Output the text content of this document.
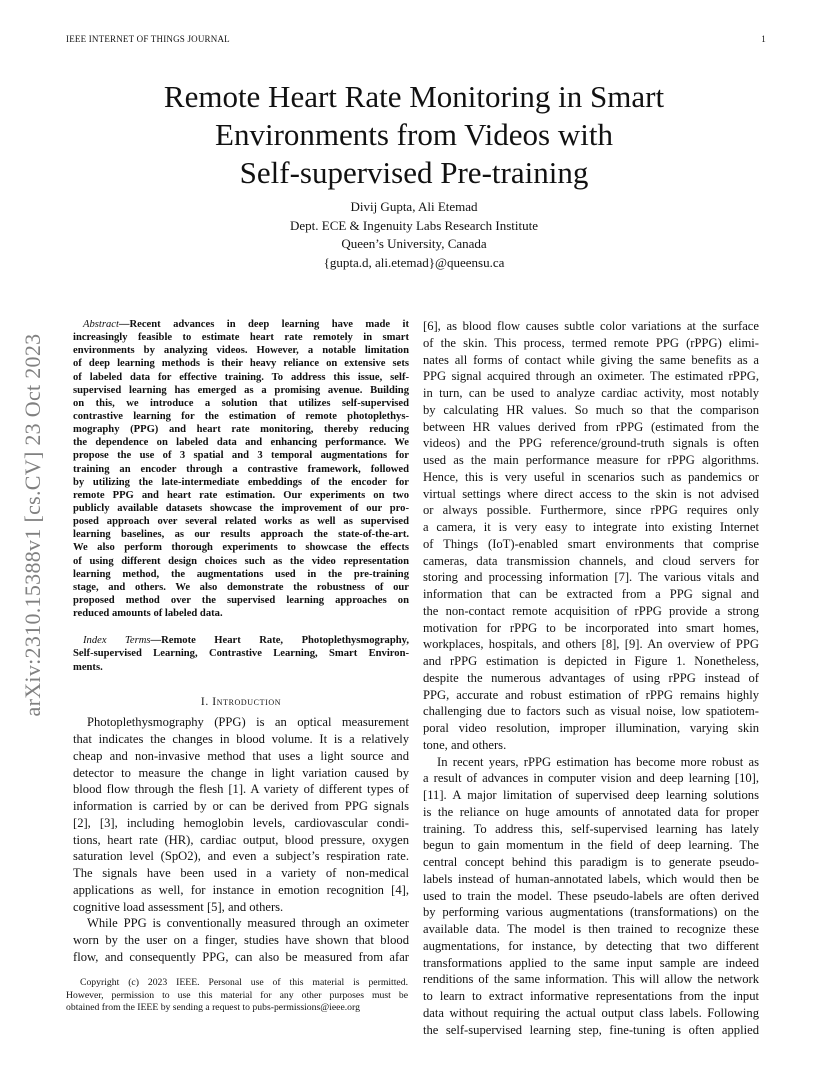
IEEE INTERNET OF THINGS JOURNAL	1
arXiv:2310.15388v1 [cs.CV] 23 Oct 2023
Remote Heart Rate Monitoring in Smart
Environments from Videos with
Self-supervised Pre-training
Divij Gupta, Ali Etemad
Dept. ECE & Ingenuity Labs Research Institute
Queen’s University, Canada
{gupta.d, ali.etemad}@queensu.ca
Abstract—Recent advances in deep learning have made it
increasingly feasible to estimate heart rate remotely in smart
environments by analyzing videos. However, a notable limitation
of deep learning methods is their heavy reliance on extensive sets
of labeled data for effective training. To address this issue, self-
supervised learning has emerged as a promising avenue. Building
on this, we introduce a solution that utilizes self-supervised
contrastive learning for the estimation of remote photoplethys-
mography (PPG) and heart rate monitoring, thereby reducing
the dependence on labeled data and enhancing performance. We
propose the use of 3 spatial and 3 temporal augmentations for
training an encoder through a contrastive framework, followed
by utilizing the late-intermediate embeddings of the encoder for
remote PPG and heart rate estimation. Our experiments on two
publicly available datasets showcase the improvement of our pro-
posed approach over several related works as well as supervised
learning baselines, as our results approach the state-of-the-art.
We also perform thorough experiments to showcase the effects
of using different design choices such as the video representation
learning method, the augmentations used in the pre-training
stage, and others. We also demonstrate the robustness of our
proposed method over the supervised learning approaches on
reduced amounts of labeled data.
Index Terms—Remote Heart Rate, Photoplethysmography,
Self-supervised Learning, Contrastive Learning, Smart Environ-
ments.
I. Introduction
Photoplethysmography (PPG) is an optical measurement
that indicates the changes in blood volume. It is a relatively
cheap and non-invasive method that uses a light source and
detector to measure the change in light variation caused by
blood flow through the flesh [1]. A variety of different types of
information is carried by or can be derived from PPG signals
[2], [3], including hemoglobin levels, cardiovascular condi-
tions, heart rate (HR), cardiac output, blood pressure, oxygen
saturation level (SpO2), and even a subject’s respiration rate.
The signals have been used in a variety of non-medical
applications as well, for instance in emotion recognition [4],
cognitive load assessment [5], and others.
While PPG is conventionally measured through an oximeter
worn by the user on a finger, studies have shown that blood
flow, and consequently PPG, can also be measured from afar
Copyright (c) 2023 IEEE. Personal use of this material is permitted.
However, permission to use this material for any other purposes must be
obtained from the IEEE by sending a request to pubs-permissions@ieee.org
[6], as blood flow causes subtle color variations at the surface
of the skin. This process, termed remote PPG (rPPG) elimi-
nates all forms of contact while giving the same benefits as a
PPG signal acquired through an oximeter. The estimated rPPG,
in turn, can be used to analyze cardiac activity, most notably
by calculating HR values. So much so that the comparison
between HR values derived from rPPG (estimated from the
videos) and the PPG reference/ground-truth signals is often
used as the main performance measure for rPPG algorithms.
Hence, this is very useful in scenarios such as pandemics or
virtual settings where direct access to the skin is not advised
or always possible. Furthermore, since rPPG requires only
a camera, it is very easy to integrate into existing Internet
of Things (IoT)-enabled smart environments that comprise
cameras, data transmission channels, and cloud servers for
storing and processing information [7]. The various vitals and
information that can be extracted from a PPG signal and
the non-contact remote acquisition of rPPG provide a strong
motivation for rPPG to be incorporated into smart homes,
workplaces, hospitals, and others [8], [9]. An overview of PPG
and rPPG estimation is depicted in Figure 1. Nonetheless,
despite the numerous advantages of using rPPG instead of
PPG, accurate and robust estimation of rPPG remains highly
challenging due to factors such as visual noise, low spatiotem-
poral video resolution, improper illumination, varying skin
tone, and others.
In recent years, rPPG estimation has become more robust as
a result of advances in computer vision and deep learning [10],
[11]. A major limitation of supervised deep learning solutions
is the reliance on huge amounts of annotated data for proper
training. To address this, self-supervised learning has lately
begun to gain momentum in the field of deep learning. The
central concept behind this paradigm is to generate pseudo-
labels instead of human-annotated labels, which would then be
used to train the model. These pseudo-labels are often derived
by performing various augmentations (transformations) on the
available data. The model is then trained to recognize these
augmentations, for instance, by detecting that two different
transformations applied to the same input sample are indeed
renditions of the same information. This will allow the network
to learn to extract informative representations from the input
data without requiring the actual output class labels. Following
the self-supervised learning step, fine-tuning is often applied
